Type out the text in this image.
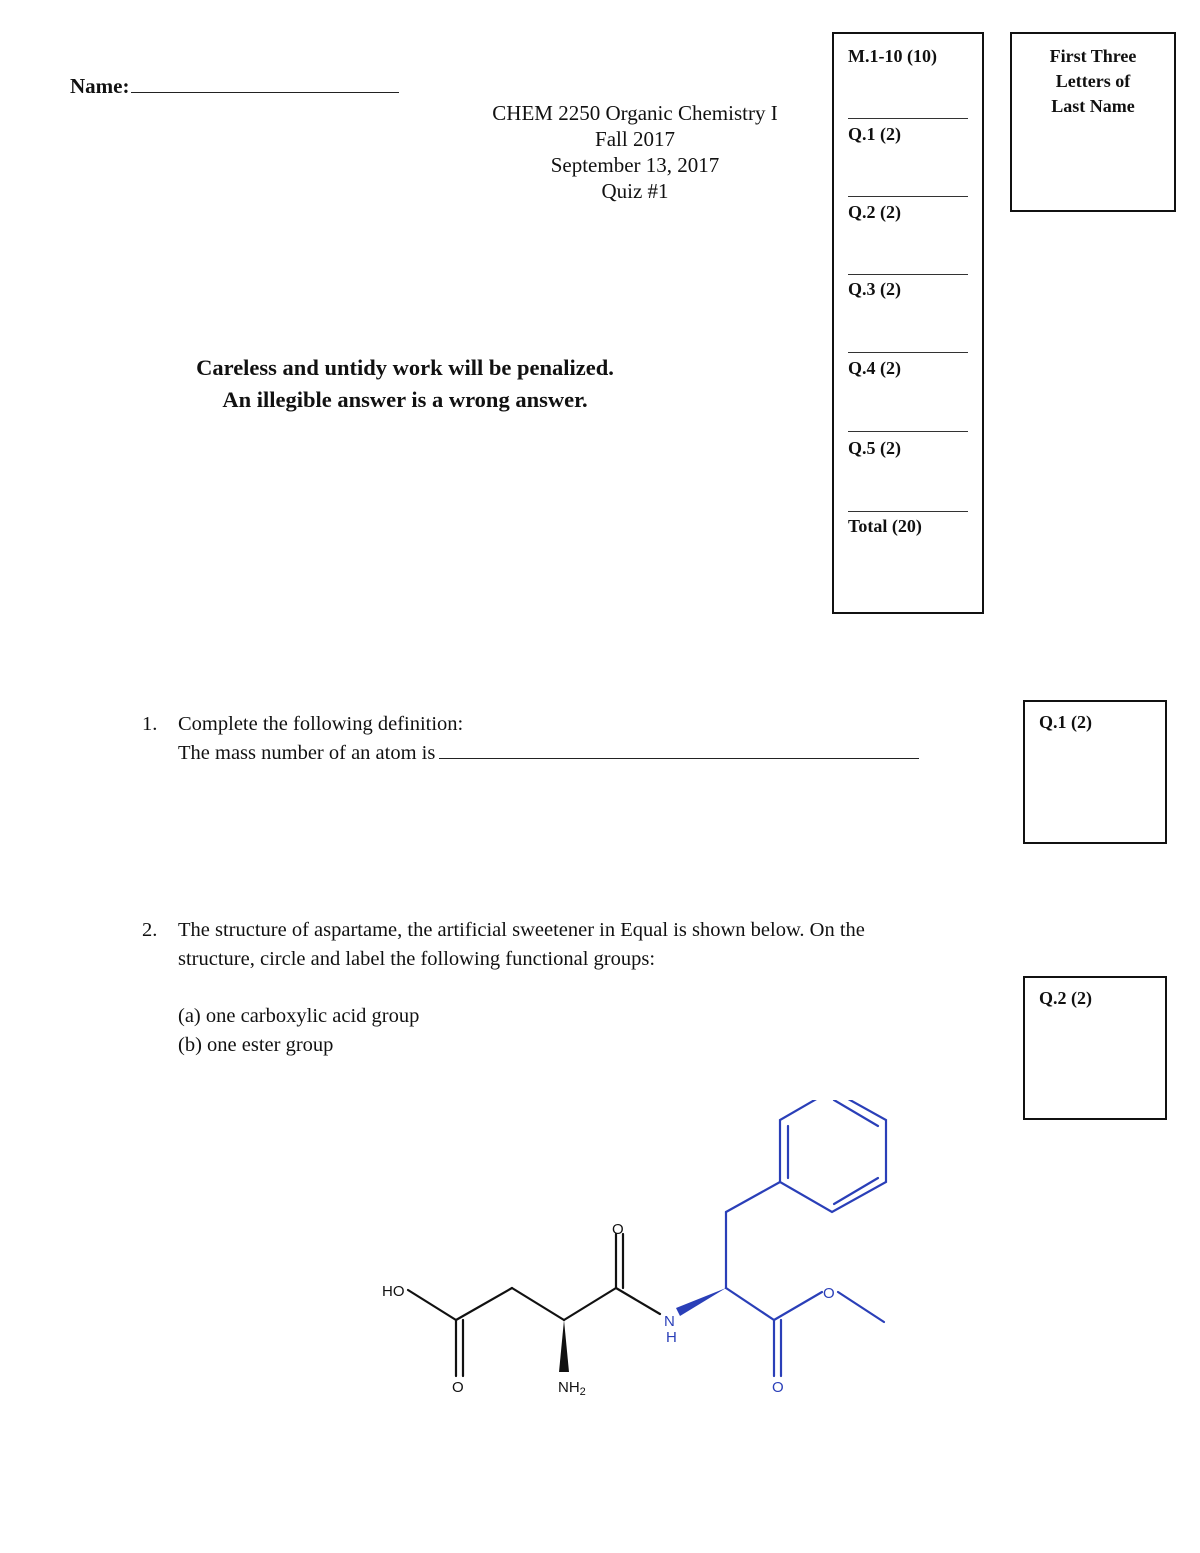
Name:
CHEM 2250 Organic Chemistry I
Fall 2017
September 13, 2017
Quiz #1
Careless and untidy work will be penalized.
An illegible answer is a wrong answer.
M.1-10 (10)
Q.1 (2)
Q.2 (2)
Q.3 (2)
Q.4 (2)
Q.5 (2)
Total (20)
First Three
Letters of
Last Name
1. Complete the following definition:
The mass number of an atom is
Q.1 (2)
2. The structure of aspartame, the artificial sweetener in Equal is shown below. On the
structure, circle and label the following functional groups:
(a) one carboxylic acid group
(b) one ester group
Q.2 (2)
HO
O
O
$NH_2$
N
H
O
O
